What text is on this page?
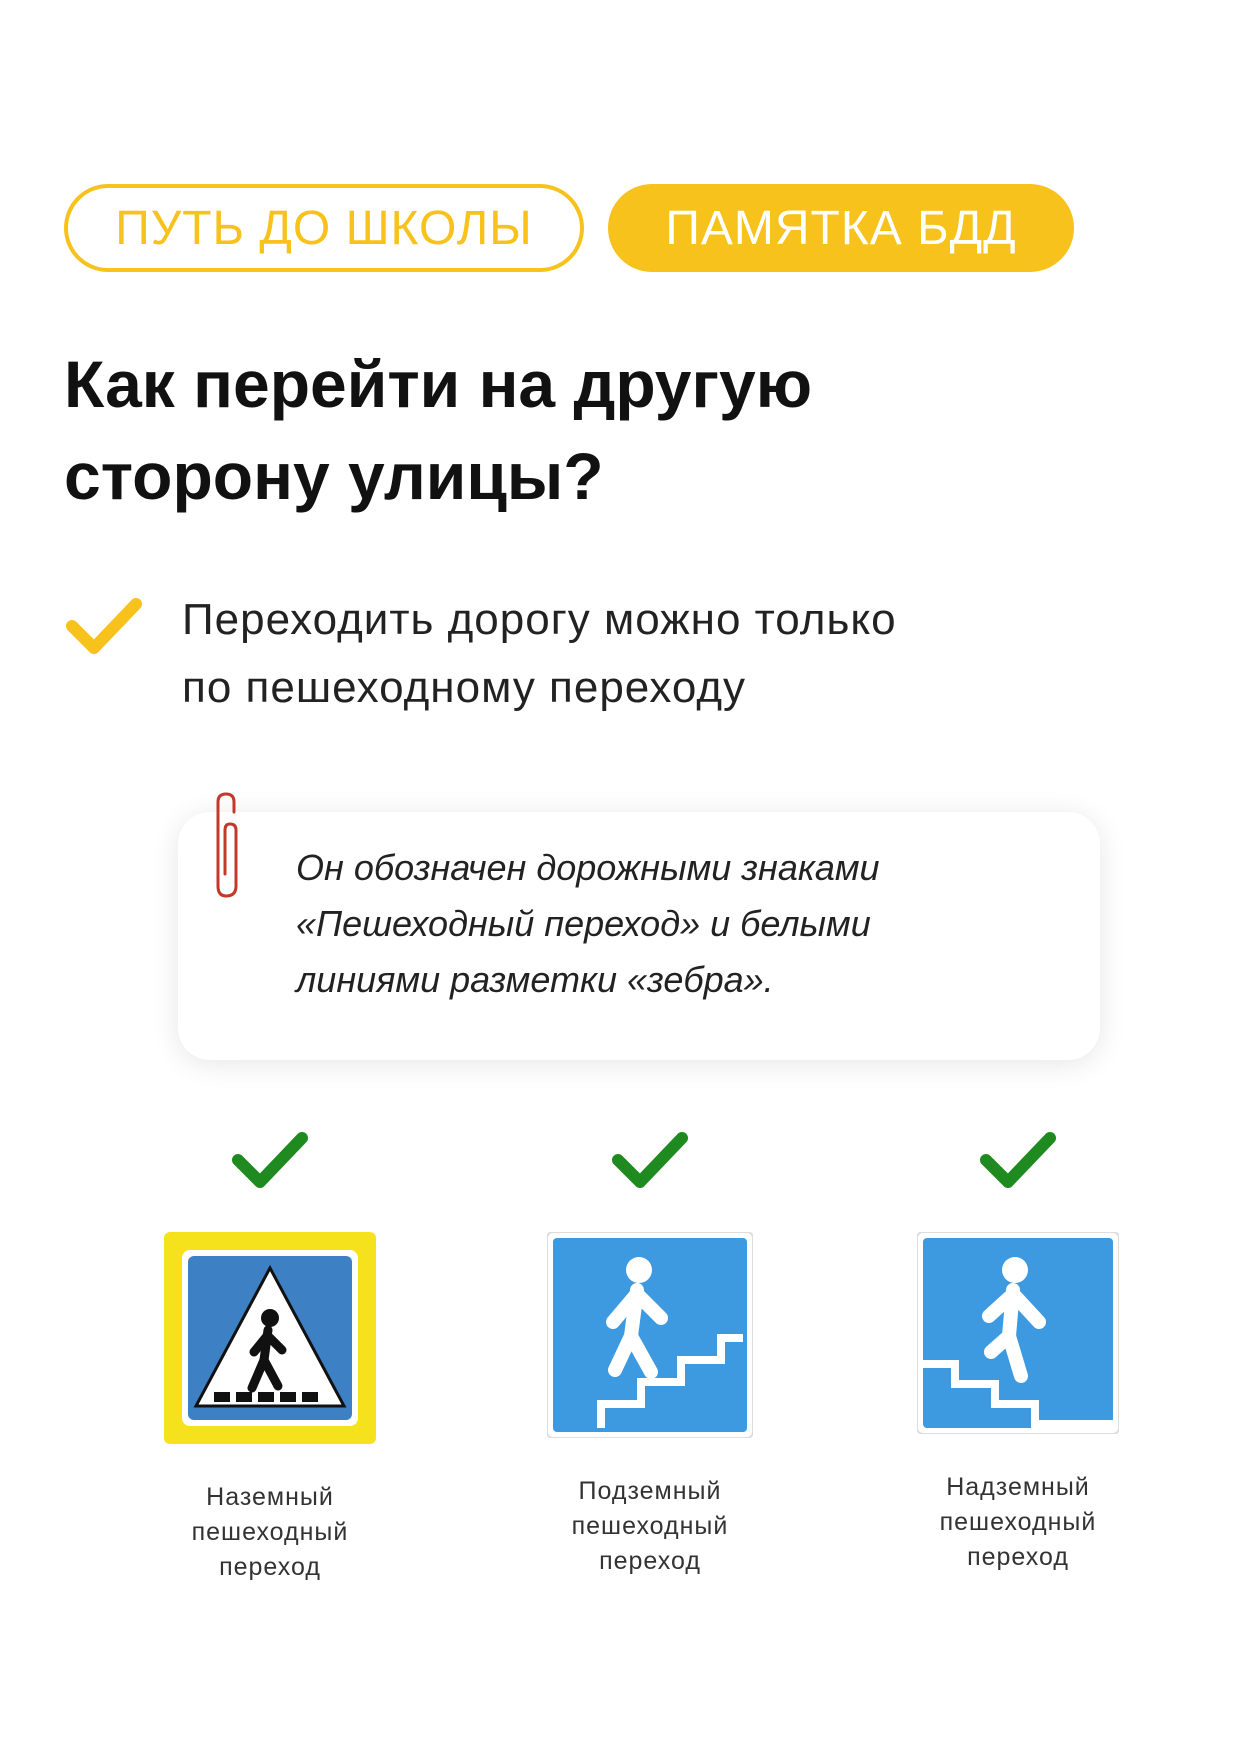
ПУТЬ ДО ШКОЛЫ	ПАМЯТКА БДД
Как перейти на другую
сторону улицы?
Переходить дорогу можно только
по пешеходному переходу
Он обозначен дорожными знаками
«Пешеходный переход» и белыми
линиями разметки «зебра».
Наземный
пешеходный
переход
Подземный
пешеходный
переход
Надземный
пешеходный
переход
